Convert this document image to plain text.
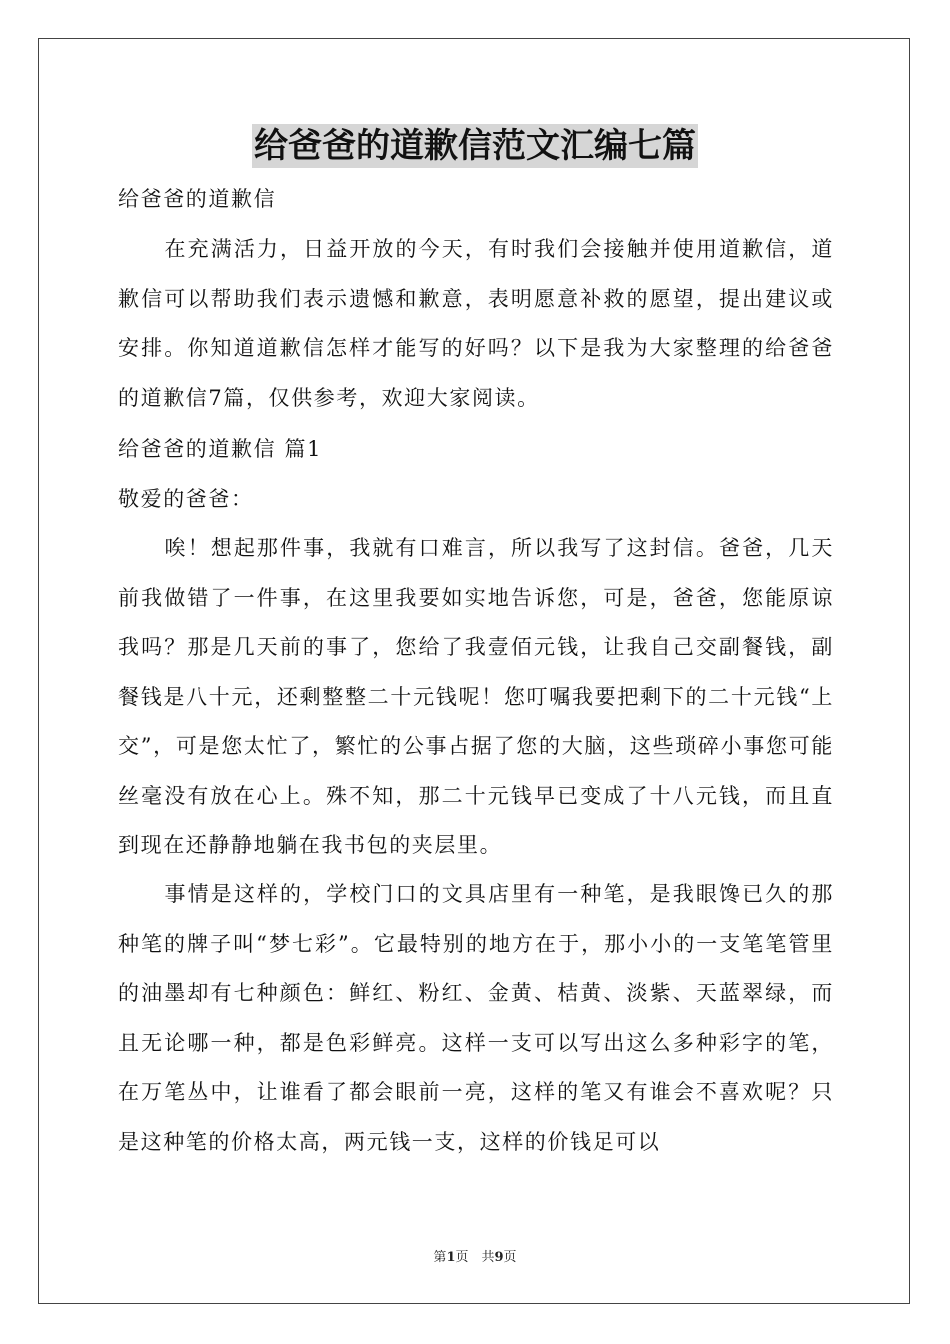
给爸爸的道歉信范文汇编七篇
给爸爸的道歉信
在充满活力，日益开放的今天，有时我们会接触并使用道歉信，道歉信可以帮助我们表示遗憾和歉意，表明愿意补救的愿望，提出建议或安排。你知道道歉信怎样才能写的好吗？以下是我为大家整理的给爸爸的道歉信7篇，仅供参考，欢迎大家阅读。
给爸爸的道歉信 篇1
敬爱的爸爸：
唉！想起那件事，我就有口难言，所以我写了这封信。爸爸，几天前我做错了一件事，在这里我要如实地告诉您，可是，爸爸，您能原谅我吗？那是几天前的事了，您给了我壹佰元钱，让我自己交副餐钱，副餐钱是八十元，还剩整整二十元钱呢！您叮嘱我要把剩下的二十元钱“上交”，可是您太忙了，繁忙的公事占据了您的大脑，这些琐碎小事您可能丝毫没有放在心上。殊不知，那二十元钱早已变成了十八元钱，而且直到现在还静静地躺在我书包的夹层里。
事情是这样的，学校门口的文具店里有一种笔，是我眼馋已久的那种笔的牌子叫“梦七彩”。它最特别的地方在于，那小小的一支笔笔管里的油墨却有七种颜色：鲜红、粉红、金黄、桔黄、淡紫、天蓝翠绿，而且无论哪一种，都是色彩鲜亮。这样一支可以写出这么多种彩字的笔，在万笔丛中，让谁看了都会眼前一亮，这样的笔又有谁会不喜欢呢？只是这种笔的价格太高，两元钱一支，这样的价钱足可以
第1页　共9页
